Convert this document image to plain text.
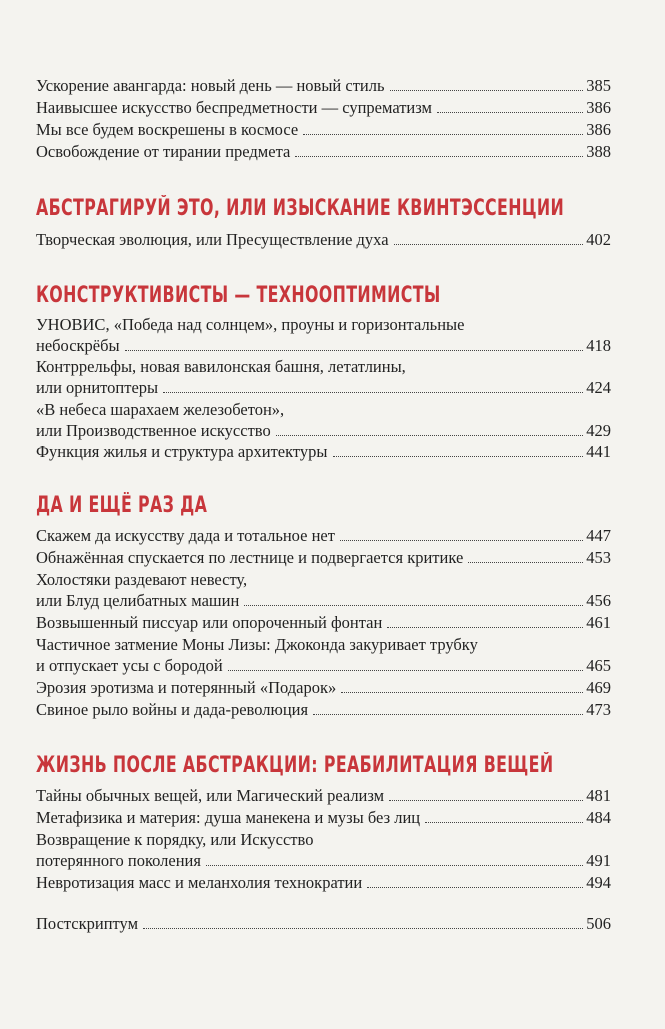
Ускорение авангарда: новый день — новый стиль	385
Наивысшее искусство беспредметности — супрематизм	386
Мы все будем воскрешены в космосе	386
Освобождение от тирании предмета	388
АБСТРАГИРУЙ ЭТО, ИЛИ ИЗЫСКАНИЕ КВИНТЭССЕНЦИИ
Творческая эволюция, или Пресуществление духа	402
КОНСТРУКТИВИСТЫ — ТЕХНООПТИМИСТЫ
УНОВИС, «Победа над солнцем», проуны и горизонтальные
небоскрёбы	418
Контррельфы, новая вавилонская башня, летатлины,
или орнитоптеры	424
«В небеса шарахаем железобетон»,
или Производственное искусство	429
Функция жилья и структура архитектуры	441
ДА И ЕЩЁ РАЗ ДА
Скажем да искусству дада и тотальное нет	447
Обнажённая спускается по лестнице и подвергается критике	453
Холостяки раздевают невесту,
или Блуд целибатных машин	456
Возвышенный писсуар или опороченный фонтан	461
Частичное затмение Моны Лизы: Джоконда закуривает трубку
и отпускает усы с бородой	465
Эрозия эротизма и потерянный «Подарок»	469
Свиное рыло войны и дада-революция	473
ЖИЗНЬ ПОСЛЕ АБСТРАКЦИИ: РЕАБИЛИТАЦИЯ ВЕЩЕЙ
Тайны обычных вещей, или Магический реализм	481
Метафизика и материя: душа манекена и музы без лиц	484
Возвращение к порядку, или Искусство
потерянного поколения	491
Невротизация масс и меланхолия технократии	494
Постскриптум	506
